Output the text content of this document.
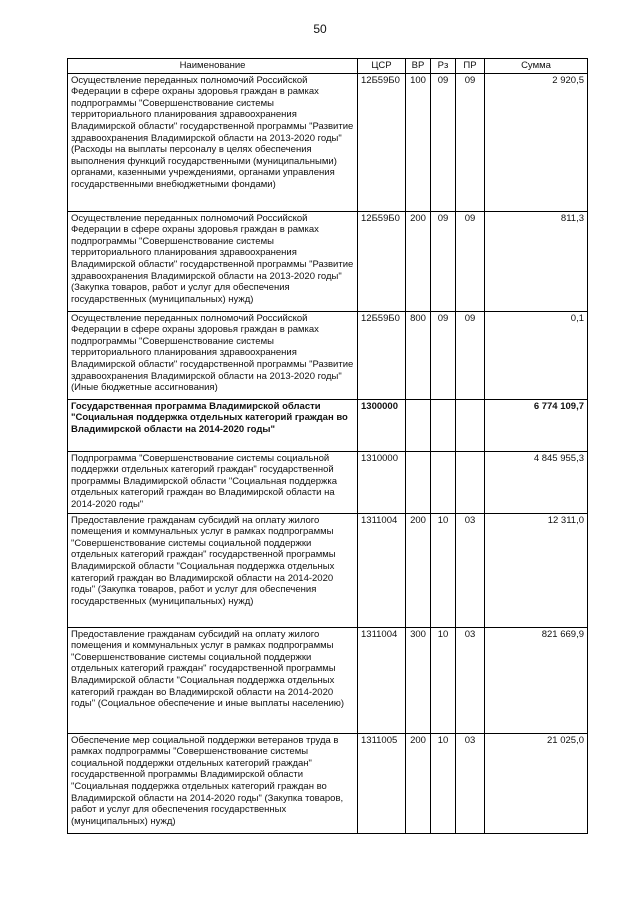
50
Наименование	ЦСР	ВР	Рз	ПР	Сумма
Осуществление переданных полномочий Российской Федерации в сфере охраны здоровья граждан в рамках подпрограммы "Совершенствование системы территориального планирования здравоохранения Владимирской области" государственной программы "Развитие здравоохранения Владимирской области на 2013-2020 годы" (Расходы на выплаты персоналу в целях обеспечения выполнения функций государственными (муниципальными) органами, казенными учреждениями, органами управления государственными внебюджетными фондами)	12Б59Б0	100	09	09	2 920,5
Осуществление переданных полномочий Российской Федерации в сфере охраны здоровья граждан в рамках подпрограммы "Совершенствование системы территориального планирования здравоохранения Владимирской области" государственной программы "Развитие здравоохранения Владимирской области на 2013-2020 годы" (Закупка товаров, работ и услуг для обеспечения государственных (муниципальных) нужд)	12Б59Б0	200	09	09	811,3
Осуществление переданных полномочий Российской Федерации в сфере охраны здоровья граждан в рамках подпрограммы "Совершенствование системы территориального планирования здравоохранения Владимирской области" государственной программы "Развитие здравоохранения Владимирской области на 2013-2020 годы" (Иные бюджетные ассигнования)	12Б59Б0	800	09	09	0,1
Государственная программа Владимирской области "Социальная поддержка отдельных категорий граждан во Владимирской области на 2014-2020 годы"	1300000				6 774 109,7
Подпрограмма "Совершенствование системы социальной поддержки отдельных категорий граждан" государственной программы Владимирской области "Социальная поддержка отдельных категорий граждан во Владимирской области на 2014-2020 годы"	1310000				4 845 955,3
Предоставление гражданам субсидий на оплату жилого помещения и коммунальных услуг в рамках подпрограммы "Совершенствование системы социальной поддержки отдельных категорий граждан" государственной программы Владимирской области "Социальная поддержка отдельных категорий граждан во Владимирской области на 2014-2020 годы" (Закупка товаров, работ и услуг для обеспечения государственных (муниципальных) нужд)	1311004	200	10	03	12 311,0
Предоставление гражданам субсидий на оплату жилого помещения и коммунальных услуг в рамках подпрограммы "Совершенствование системы социальной поддержки отдельных категорий граждан" государственной программы Владимирской области "Социальная поддержка отдельных категорий граждан во Владимирской области на 2014-2020 годы" (Социальное обеспечение и иные выплаты населению)	1311004	300	10	03	821 669,9
Обеспечение мер социальной поддержки ветеранов труда в рамках подпрограммы "Совершенствование системы социальной поддержки отдельных категорий граждан" государственной программы Владимирской области "Социальная поддержка отдельных категорий граждан во Владимирской области на 2014-2020 годы" (Закупка товаров, работ и услуг для обеспечения государственных (муниципальных) нужд)	1311005	200	10	03	21 025,0
